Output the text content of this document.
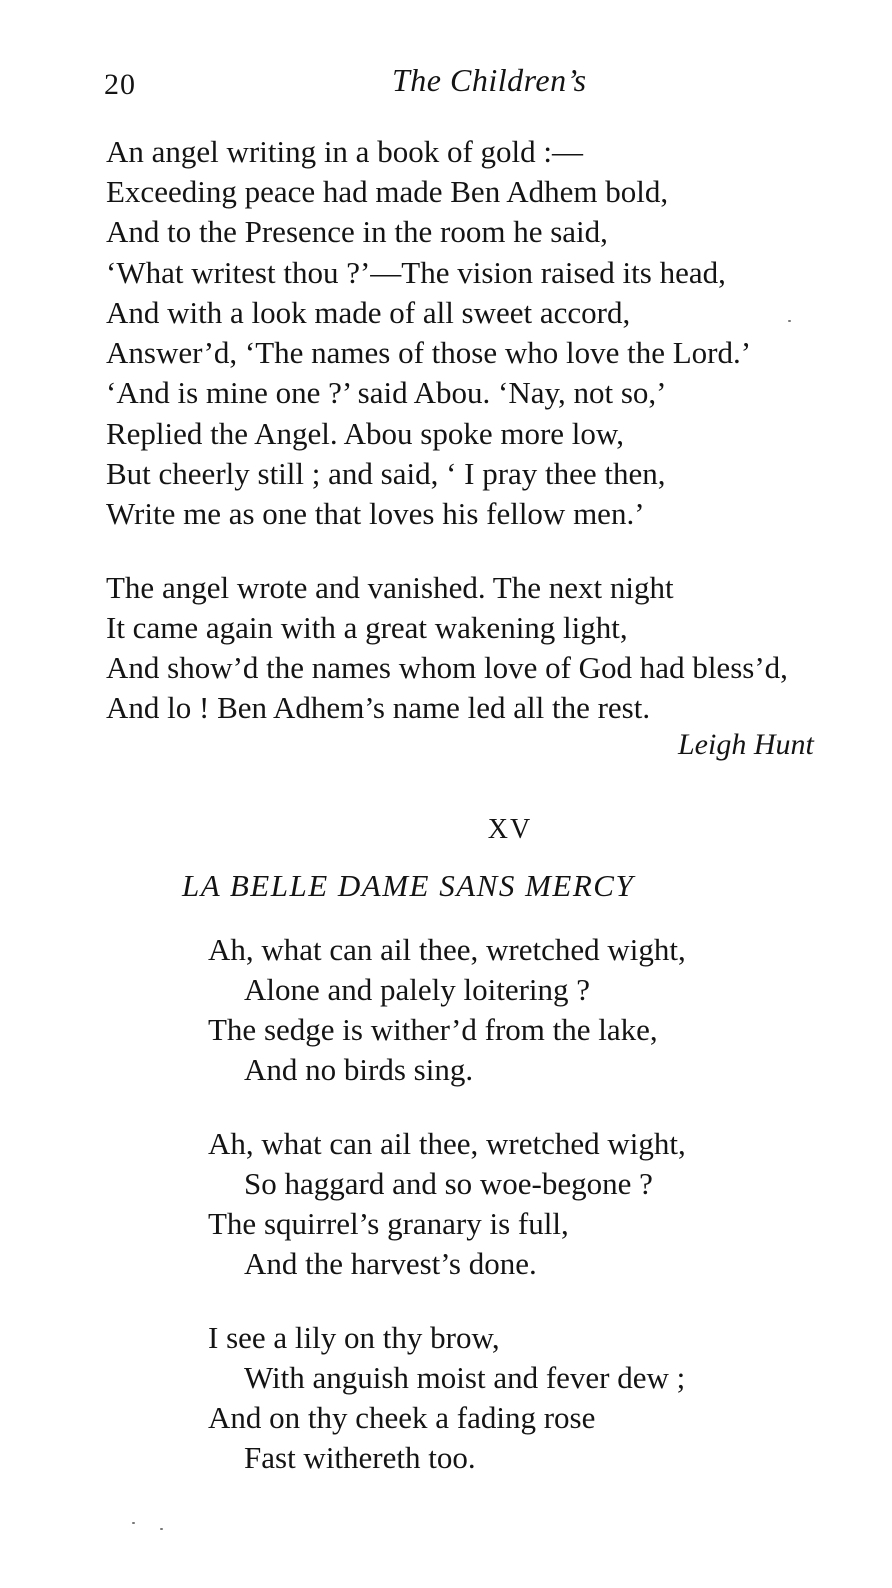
20	The Children’s
An angel writing in a book of gold :—
Exceeding peace had made Ben Adhem bold,
And to the Presence in the room he said,
‘What writest thou ?’—The vision raised its head,
And with a look made of all sweet accord,
Answer’d, ‘The names of those who love the Lord.’
‘And is mine one ?’ said Abou. ‘Nay, not so,’
Replied the Angel. Abou spoke more low,
But cheerly still ; and said, ‘ I pray thee then,
Write me as one that loves his fellow men.’
The angel wrote and vanished. The next night
It came again with a great wakening light,
And show’d the names whom love of God had bless’d,
And lo ! Ben Adhem’s name led all the rest.
Leigh Hunt
XV
LA BELLE DAME SANS MERCY
Ah, what can ail thee, wretched wight,
Alone and palely loitering ?
The sedge is wither’d from the lake,
And no birds sing.
Ah, what can ail thee, wretched wight,
So haggard and so woe-begone ?
The squirrel’s granary is full,
And the harvest’s done.
I see a lily on thy brow,
With anguish moist and fever dew ;
And on thy cheek a fading rose
Fast withereth too.
